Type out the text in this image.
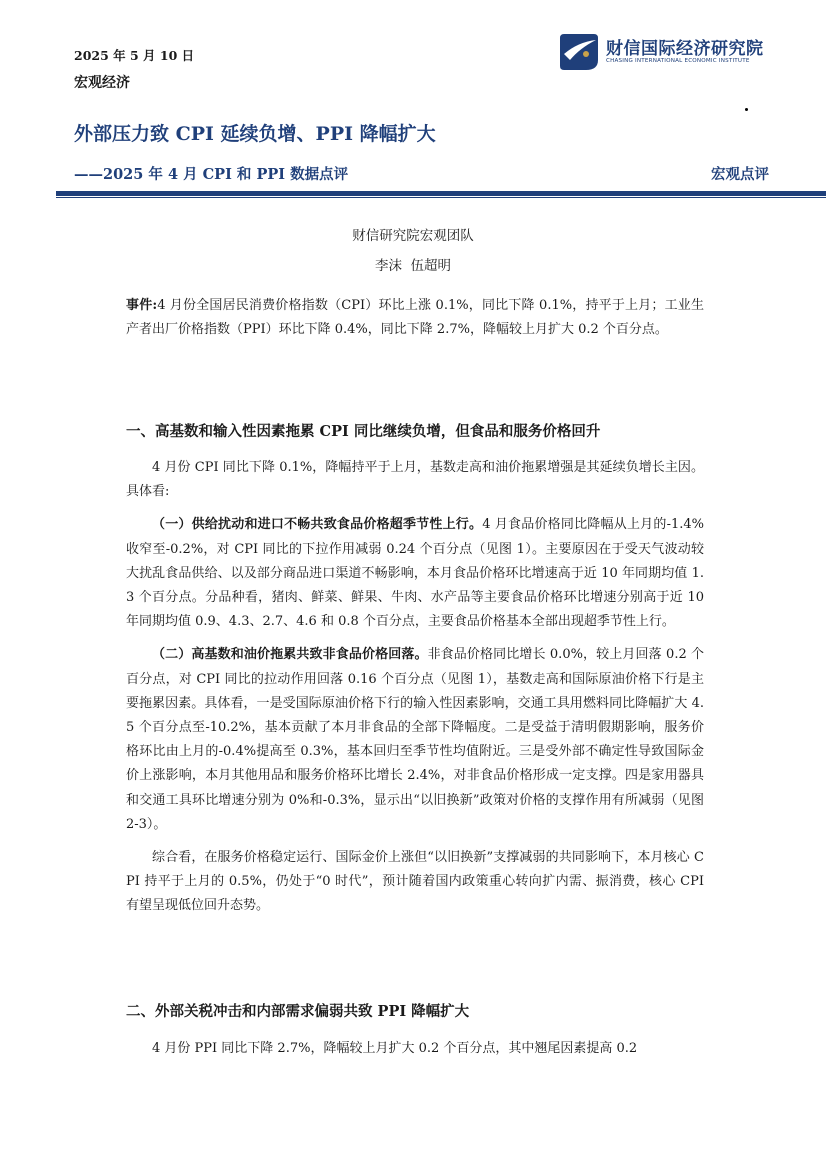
2025 年 5 月 10 日
宏观经济
财信国际经济研究院
CHASING INTERNATIONAL ECONOMIC INSTITUTE
外部压力致 CPI 延续负增、PPI 降幅扩大
——2025 年 4 月 CPI 和 PPI 数据点评	宏观点评
财信研究院宏观团队
李沫  伍超明

事件:4 月份全国居民消费价格指数（CPI）环比上涨 0.1%，同比下降 0.1%，持平于上月；工业生产者出厂价格指数（PPI）环比下降 0.4%，同比下降 2.7%，降幅较上月扩大 0.2 个百分点。

一、高基数和输入性因素拖累 CPI 同比继续负增，但食品和服务价格回升

4 月份 CPI 同比下降 0.1%，降幅持平于上月，基数走高和油价拖累增强是其延续负增长主因。具体看:

（一）供给扰动和进口不畅共致食品价格超季节性上行。4 月食品价格同比降幅从上月的-1.4%收窄至-0.2%，对 CPI 同比的下拉作用减弱 0.24 个百分点（见图 1）。主要原因在于受天气波动较大扰乱食品供给、以及部分商品进口渠道不畅影响，本月食品价格环比增速高于近 10 年同期均值 1.3 个百分点。分品种看，猪肉、鲜菜、鲜果、牛肉、水产品等主要食品价格环比增速分别高于近 10 年同期均值 0.9、4.3、2.7、4.6 和 0.8 个百分点，主要食品价格基本全部出现超季节性上行。

（二）高基数和油价拖累共致非食品价格回落。非食品价格同比增长 0.0%，较上月回落 0.2 个百分点，对 CPI 同比的拉动作用回落 0.16 个百分点（见图 1），基数走高和国际原油价格下行是主要拖累因素。具体看，一是受国际原油价格下行的输入性因素影响，交通工具用燃料同比降幅扩大 4.5 个百分点至-10.2%，基本贡献了本月非食品的全部下降幅度。二是受益于清明假期影响，服务价格环比由上月的-0.4%提高至 0.3%，基本回归至季节性均值附近。三是受外部不确定性导致国际金价上涨影响，本月其他用品和服务价格环比增长 2.4%，对非食品价格形成一定支撑。四是家用器具和交通工具环比增速分别为 0%和-0.3%，显示出“以旧换新”政策对价格的支撑作用有所减弱（见图 2-3）。

综合看，在服务价格稳定运行、国际金价上涨但“以旧换新”支撑减弱的共同影响下，本月核心 CPI 持平于上月的 0.5%，仍处于“0 时代”，预计随着国内政策重心转向扩内需、振消费，核心 CPI 有望呈现低位回升态势。

二、外部关税冲击和内部需求偏弱共致 PPI 降幅扩大

4 月份 PPI 同比下降 2.7%，降幅较上月扩大 0.2 个百分点，其中翘尾因素提高 0.2
